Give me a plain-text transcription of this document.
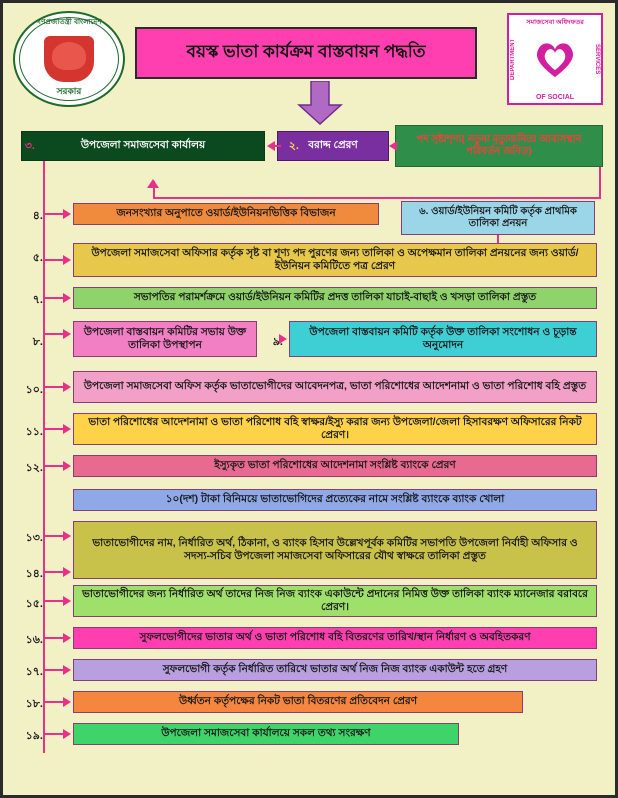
গণপ্রজাতন্ত্রী বাংলাদেশ
সরকার
বয়স্ক ভাতা কার্যক্রম বাস্তবায়ন পদ্ধতি
সমাজসেবা অধিদফতর
DEPARTMENT	SERVICES
OF SOCIAL
উপজেলা সমাজসেবা কার্যালয়
৩.	বরাদ্দ প্রেরণ
২.
পদ সৃষ্ট/শৃণ্য( নতুন/ মৃত্যুজনিত/ আবাসস্থান পরিবর্তন জনিত)
জনসংখ্যার অনুপাতে ওয়ার্ড/ইউনিয়নভিত্তিক বিভাজন
৪.	৬. ওয়ার্ড/ইউনিয়ন কমিটি কর্তৃক প্রাথমিক তালিকা প্রনয়ন
উপজেলা সমাজসেবা অফিসার কর্তৃক সৃষ্ট বা শূণ্য পদ পুরণের জন্য তালিকা ও অপেক্ষমান তালিকা প্রনয়নের জন্য ওয়ার্ড/ইউনিয়ন কমিটিতে পত্র প্রেরণ
৫.
সভাপতির পরামর্শক্রমে ওয়ার্ড/ইউনিয়ন কমিটির প্রদত্ত তালিকা যাচাই-বাছাই ও খসড়া তালিকা প্রস্তুত
৭.
উপজেলা বাস্তবায়ন কমিটির সভায় উক্ত তালিকা উপস্থাপন
৮.	৯.
উপজেলা বাস্তবায়ন কমিটি কর্তৃক উক্ত তালিকা সংশোধন ও চূড়ান্ত অনুমোদন
উপজেলা সমাজসেবা অফিস কর্তৃক ভাতাভোগীদের আবেদনপত্র, ভাতা পরিশোধের আদেশনামা ও ভাতা পরিশোধ বহি প্রস্তুত
১০.
ভাতা পরিশোধের আদেশনামা ও ভাতা পরিশোধ বহি স্বাক্ষর/ইস্যু করার জন্য উপজেলা/জেলা হিসাবরক্ষণ অফিসারের নিকট প্রেরণ।
১১.
ইস্যুকৃত ভাতা পরিশোধের আদেশনামা সংশ্লিষ্ট ব্যাংকে প্রেরণ
১২.
১০(দশ) টাকা বিনিময়ে ভাতাভোগিদের প্রত্যেকের নামে সংশ্লিষ্ট ব্যাংকে ব্যাংক খোলা
ভাতাভোগীদের নাম, নির্ধারিত অর্থ, ঠিকানা, ও ব্যাংক হিসাব উল্লেখপূর্বক কমিটির সভাপতি উপজেলা নির্বাহী অফিসার ও সদস্য-সচিব উপজেলা সমাজসেবা অফিসারের যৌথ স্বাক্ষরে তালিকা প্রস্তুত
১৩.
১৪.
ভাতাভোগীদের জন্য নির্ধারিত অর্থ তাদের নিজ নিজ ব্যাংক একাউন্টে প্রদানের নিমিত্ত উক্ত তালিকা ব্যাংক ম্যানেজার বরাবরে প্রেরণ।
১৫.
সুফলভোগীদের ভাতার অর্থ ও ভাতা পরিশোধ বহি বিতরণের তারিখ/স্থান নির্ধারণ ও অবহিতকরণ
১৬.
সুফলভোগী কর্তৃক নির্ধারিত তারিখে ভাতার অর্থ নিজ নিজ ব্যাংক একাউন্ট হতে গ্রহণ
১৭.
উর্ধ্বতন কর্তৃপক্ষের নিকট ভাতা বিতরণের প্রতিবেদন প্রেরণ
১৮.
উপজেলা সমাজসেবা কার্যালয়ে সকল তথ্য সংরক্ষণ
১৯.
